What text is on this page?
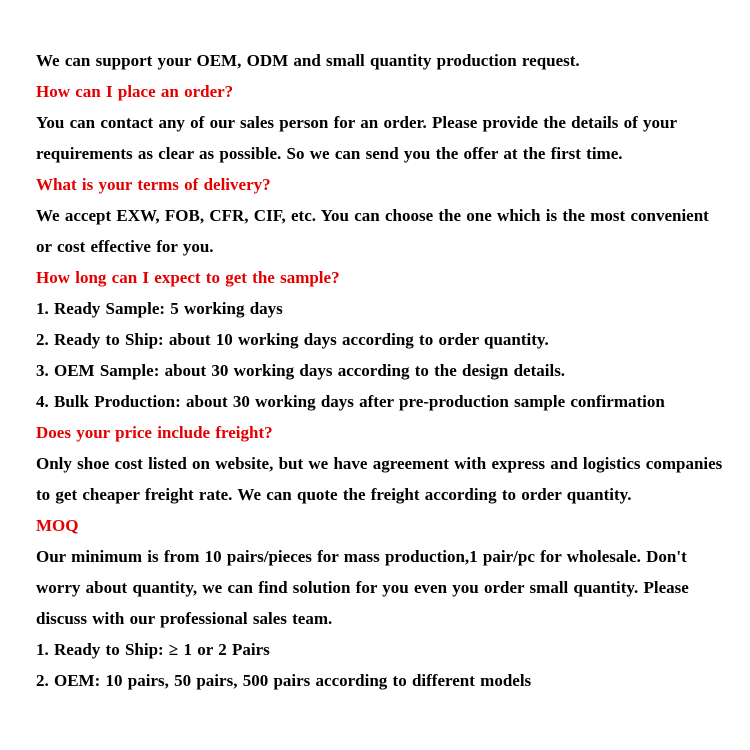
We can support your OEM, ODM and small quantity production request.

How can I place an order?

You can contact any of our sales person for an order. Please provide the details of your requirements as clear as possible. So we can send you the offer at the first time.

What is your terms of delivery?

We accept EXW, FOB, CFR, CIF, etc. You can choose the one which is the most convenient or cost effective for you.

How long can I expect to get the sample?

1. Ready Sample: 5 working days

2. Ready to Ship: about 10 working days according to order quantity.

3. OEM Sample: about 30 working days according to the design details.

4. Bulk Production: about 30 working days after pre-production sample confirmation

Does your price include freight?

Only shoe cost listed on website, but we have agreement with express and logistics companies to get cheaper freight rate. We can quote the freight according to order quantity.

MOQ

Our minimum is from 10 pairs/pieces for mass production,1 pair/pc for wholesale. Don't worry about quantity, we can find solution for you even you order small quantity. Please discuss with our professional sales team.

1. Ready to Ship: ≥ 1 or 2 Pairs

2. OEM: 10 pairs, 50 pairs, 500 pairs according to different models
